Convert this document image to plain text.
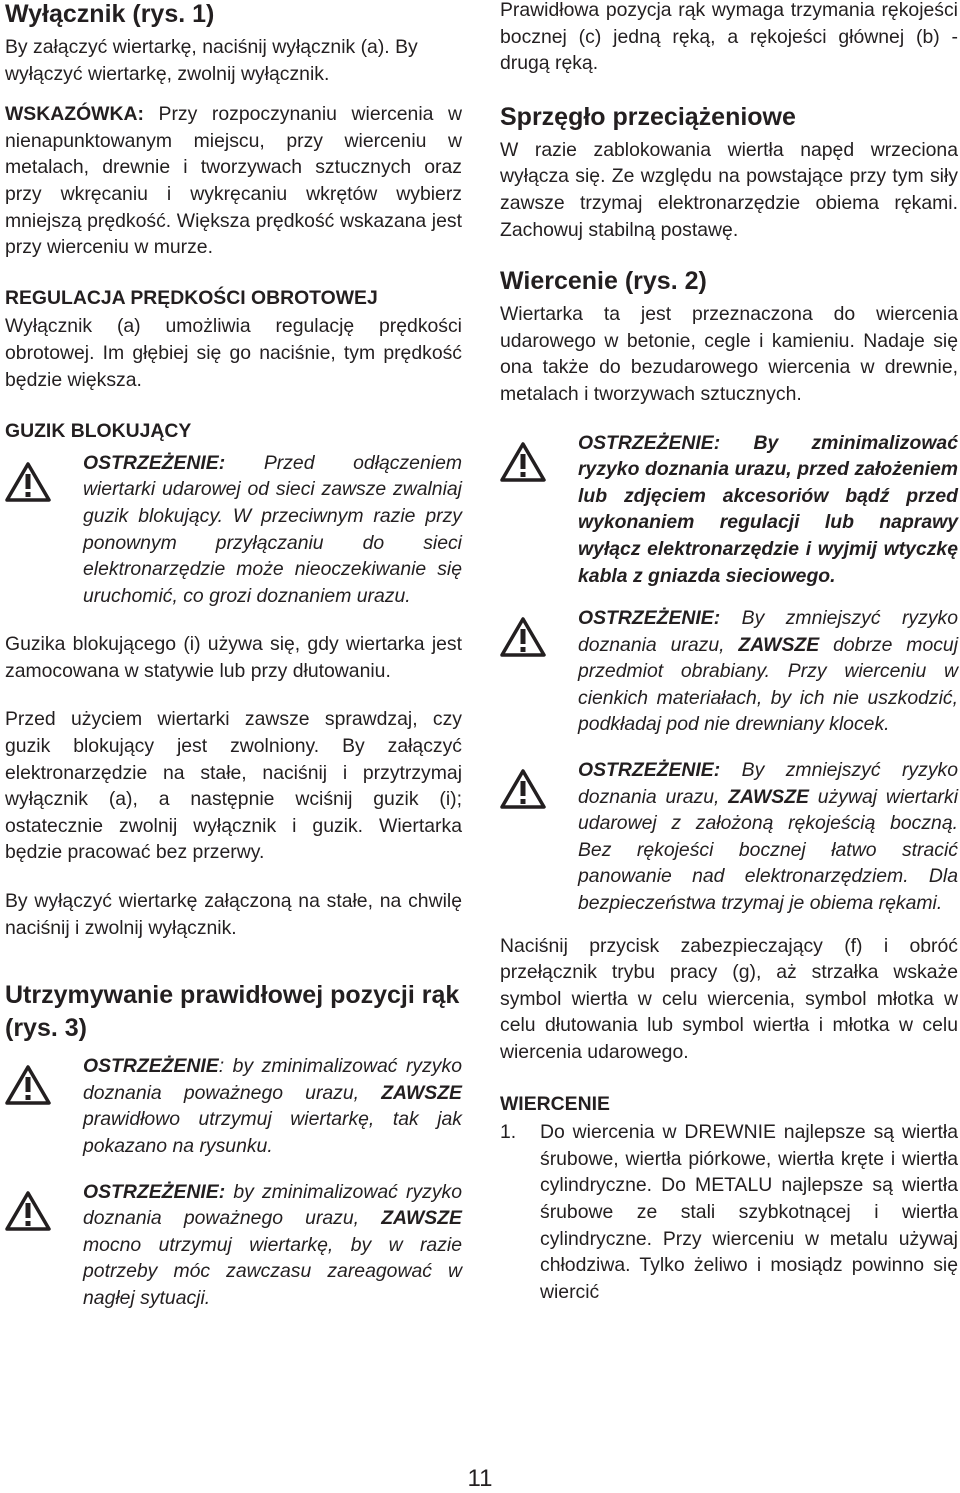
Wyłącznik (rys. 1)

By załączyć wiertarkę, naciśnij wyłącznik (a). By wyłączyć wiertarkę, zwolnij wyłącznik.

WSKAZÓWKA: Przy rozpoczynaniu wiercenia w nienapunktowanym miejscu, przy wierceniu w metalach, drewnie i tworzywach sztucznych oraz przy wkręcaniu i wykręcaniu wkrętów wybierz mniejszą prędkość. Większa prędkość wskazana jest przy wierceniu w murze.

REGULACJA PRĘDKOŚCI OBROTOWEJ

Wyłącznik (a) umożliwia regulację prędkości obrotowej. Im głębiej się go naciśnie, tym prędkość będzie większa.

GUZIK BLOKUJĄCY

OSTRZEŻENIE: Przed odłączeniem wiertarki udarowej od sieci zawsze zwalniaj guzik blokujący. W przeciwnym razie przy ponownym przyłączaniu do sieci elektronarzędzie może nieoczekiwanie się uruchomić, co grozi doznaniem urazu.

Guzika blokującego (i) używa się, gdy wiertarka jest zamocowana w statywie lub przy dłutowaniu.

Przed użyciem wiertarki zawsze sprawdzaj, czy guzik blokujący jest zwolniony. By załączyć elektronarzędzie na stałe, naciśnij i przytrzymaj wyłącznik (a), a następnie wciśnij guzik (i); ostatecznie zwolnij wyłącznik i guzik. Wiertarka będzie pracować bez przerwy.

By wyłączyć wiertarkę załączoną na stałe, na chwilę naciśnij i zwolnij wyłącznik.

Utrzymywanie prawidłowej pozycji rąk (rys. 3)

OSTRZEŻENIE: by zminimalizować ryzyko doznania poważnego urazu, ZAWSZE prawidłowo utrzymuj wiertarkę, tak jak pokazano na rysunku.
OSTRZEŻENIE: by zminimalizować ryzyko doznania poważnego urazu, ZAWSZE mocno utrzymuj wiertarkę, by w razie potrzeby móc zawczasu zareagować w nagłej sytuacji.

Prawidłowa pozycja rąk wymaga trzymania rękojeści bocznej (c) jedną ręką, a rękojeści głównej (b) - drugą ręką.

Sprzęgło przeciążeniowe

W razie zablokowania wiertła napęd wrzeciona wyłącza się. Ze względu na powstające przy tym siły zawsze trzymaj elektronarzędzie obiema rękami. Zachowuj stabilną postawę.

Wiercenie (rys. 2)

Wiertarka ta jest przeznaczona do wiercenia udarowego w betonie, cegle i kamieniu. Nadaje się ona także do bezudarowego wiercenia w drewnie, metalach i tworzywach sztucznych.

OSTRZEŻENIE: By zminimalizować ryzyko doznania urazu, przed założeniem lub zdjęciem akcesoriów bądź przed wykonaniem regulacji lub naprawy wyłącz elektronarzędzie i wyjmij wtyczkę kabla z gniazda sieciowego.
OSTRZEŻENIE: By zmniejszyć ryzyko doznania urazu, ZAWSZE dobrze mocuj przedmiot obrabiany. Przy wierceniu w cienkich materiałach, by ich nie uszkodzić, podkładaj pod nie drewniany klocek.
OSTRZEŻENIE: By zmniejszyć ryzyko doznania urazu, ZAWSZE używaj wiertarki udarowej z założoną rękojeścią boczną. Bez rękojeści bocznej łatwo stracić panowanie nad elektronarzędziem. Dla bezpieczeństwa trzymaj je obiema rękami.

Naciśnij przycisk zabezpieczający (f) i obróć przełącznik trybu pracy (g), aż strzałka wskaże symbol wiertła w celu wiercenia, symbol młotka w celu dłutowania lub symbol wiertła i młotka w celu wiercenia udarowego.

WIERCENIE

1. Do wiercenia w DREWNIE najlepsze są wiertła śrubowe, wiertła piórkowe, wiertła kręte i wiertła cylindryczne. Do METALU najlepsze są wiertła śrubowe ze stali szybkotnącej i wiertła cylindryczne. Przy wierceniu w metalu używaj chłodziwa. Tylko żeliwo i mosiądz powinno się wiercić
11
